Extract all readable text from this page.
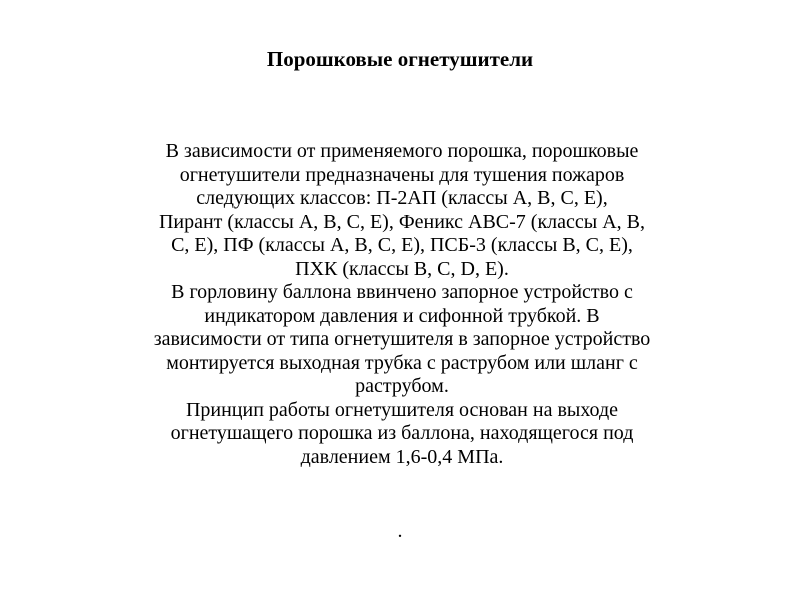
Порошковые огнетушители

В зависимости от применяемого порошка, порошковые
огнетушители предназначены для тушения пожаров
следующих классов: П-2АП (классы А, В, С, Е),
Пирант (классы А, В, С, Е), Феникс АВС-7 (классы А, В,
С, Е), ПФ (классы А, В, С, Е), ПСБ-3 (классы В, С, Е),
ПХК (классы В, С, D, Е).

В горловину баллона ввинчено запорное устройство с
индикатором давления и сифонной трубкой. В
зависимости от типа огнетушителя в запорное устройство
монтируется выходная трубка с раструбом или шланг с
раструбом.

Принцип работы огнетушителя основан на выходе
огнетушащего порошка из баллона, находящегося под
давлением 1,6-0,4 МПа.

.
